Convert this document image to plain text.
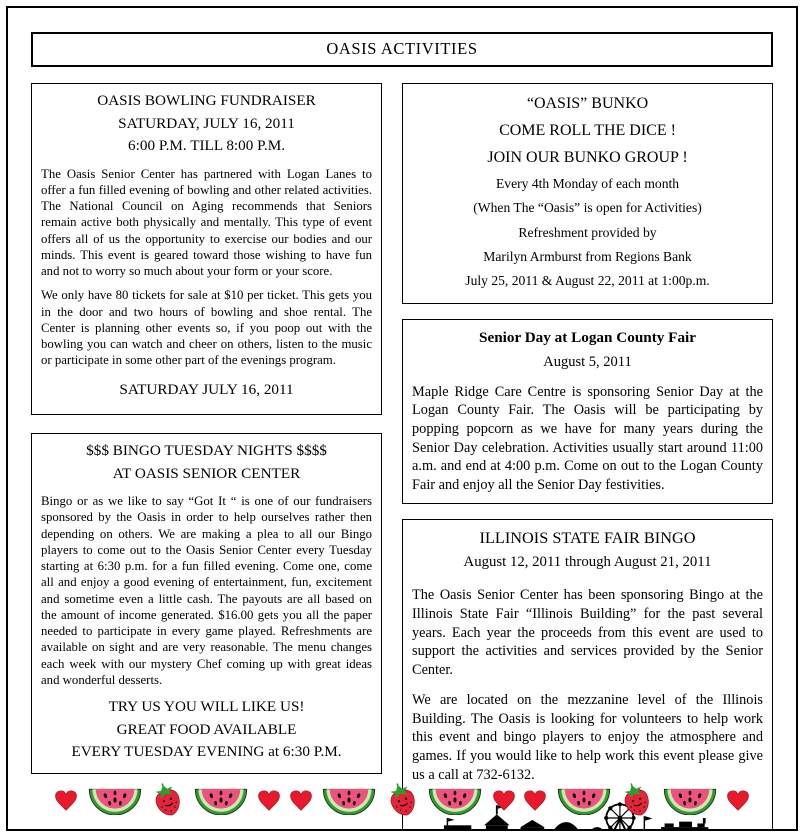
OASIS ACTIVITIES
OASIS BOWLING FUNDRAISER
SATURDAY, JULY 16, 2011
6:00 P.M. TILL 8:00 P.M.

The Oasis Senior Center has partnered with Logan Lanes to offer a fun filled evening of bowling and other related activities. The National Council on Aging recommends that Seniors remain active both physically and mentally. This type of event offers all of us the opportunity to exercise our bodies and our minds. This event is geared toward those wishing to have fun and not to worry so much about your form or your score.

We only have 80 tickets for sale at $10 per ticket. This gets you in the door and two hours of bowling and shoe rental. The Center is planning other events so, if you poop out with the bowling you can watch and cheer on others, listen to the music or participate in some other part of the evenings program.

SATURDAY JULY 16, 2011
$$$ BINGO TUESDAY NIGHTS $$$$
AT OASIS SENIOR CENTER

Bingo or as we like to say “Got It “ is one of our fundraisers sponsored by the Oasis in order to help ourselves rather then depending on others. We are making a plea to all our Bingo players to come out to the Oasis Senior Center every Tuesday starting at 6:30 p.m. for a fun filled evening. Come one, come all and enjoy a good evening of entertainment, fun, excitement and sometime even a little cash. The payouts are all based on the amount of income generated. $16.00 gets you all the paper needed to participate in every game played. Refreshments are available on sight and are very reasonable. The menu changes each week with our mystery Chef coming up with great ideas and wonderful desserts.

TRY US YOU WILL LIKE US!
GREAT FOOD AVAILABLE
EVERY TUESDAY EVENING at 6:30 P.M.
“OASIS” BUNKO
COME ROLL THE DICE !
JOIN OUR BUNKO GROUP !
Every 4th Monday of each month
(When The “Oasis” is open for Activities)
Refreshment provided by
Marilyn Armburst from Regions Bank
July 25, 2011 & August 22, 2011 at 1:00p.m.
Senior Day at Logan County Fair
August 5, 2011

Maple Ridge Care Centre is sponsoring Senior Day at the Logan County Fair. The Oasis will be participating by popping popcorn as we have for many years during the Senior Day celebration. Activities usually start around 11:00 a.m. and end at 4:00 p.m. Come on out to the Logan County Fair and enjoy all the Senior Day festivities.

ILLINOIS STATE FAIR BINGO
August 12, 2011 through August 21, 2011

The Oasis Senior Center has been sponsoring Bingo at the Illinois State Fair “Illinois Building” for the past several years. Each year the proceeds from this event are used to support the activities and services provided by the Senior Center.

We are located on the mezzanine level of the Illinois Building. The Oasis is looking for volunteers to help work this event and bingo players to enjoy the atmosphere and games. If you would like to help work this event please give us a call at 732-6132.
